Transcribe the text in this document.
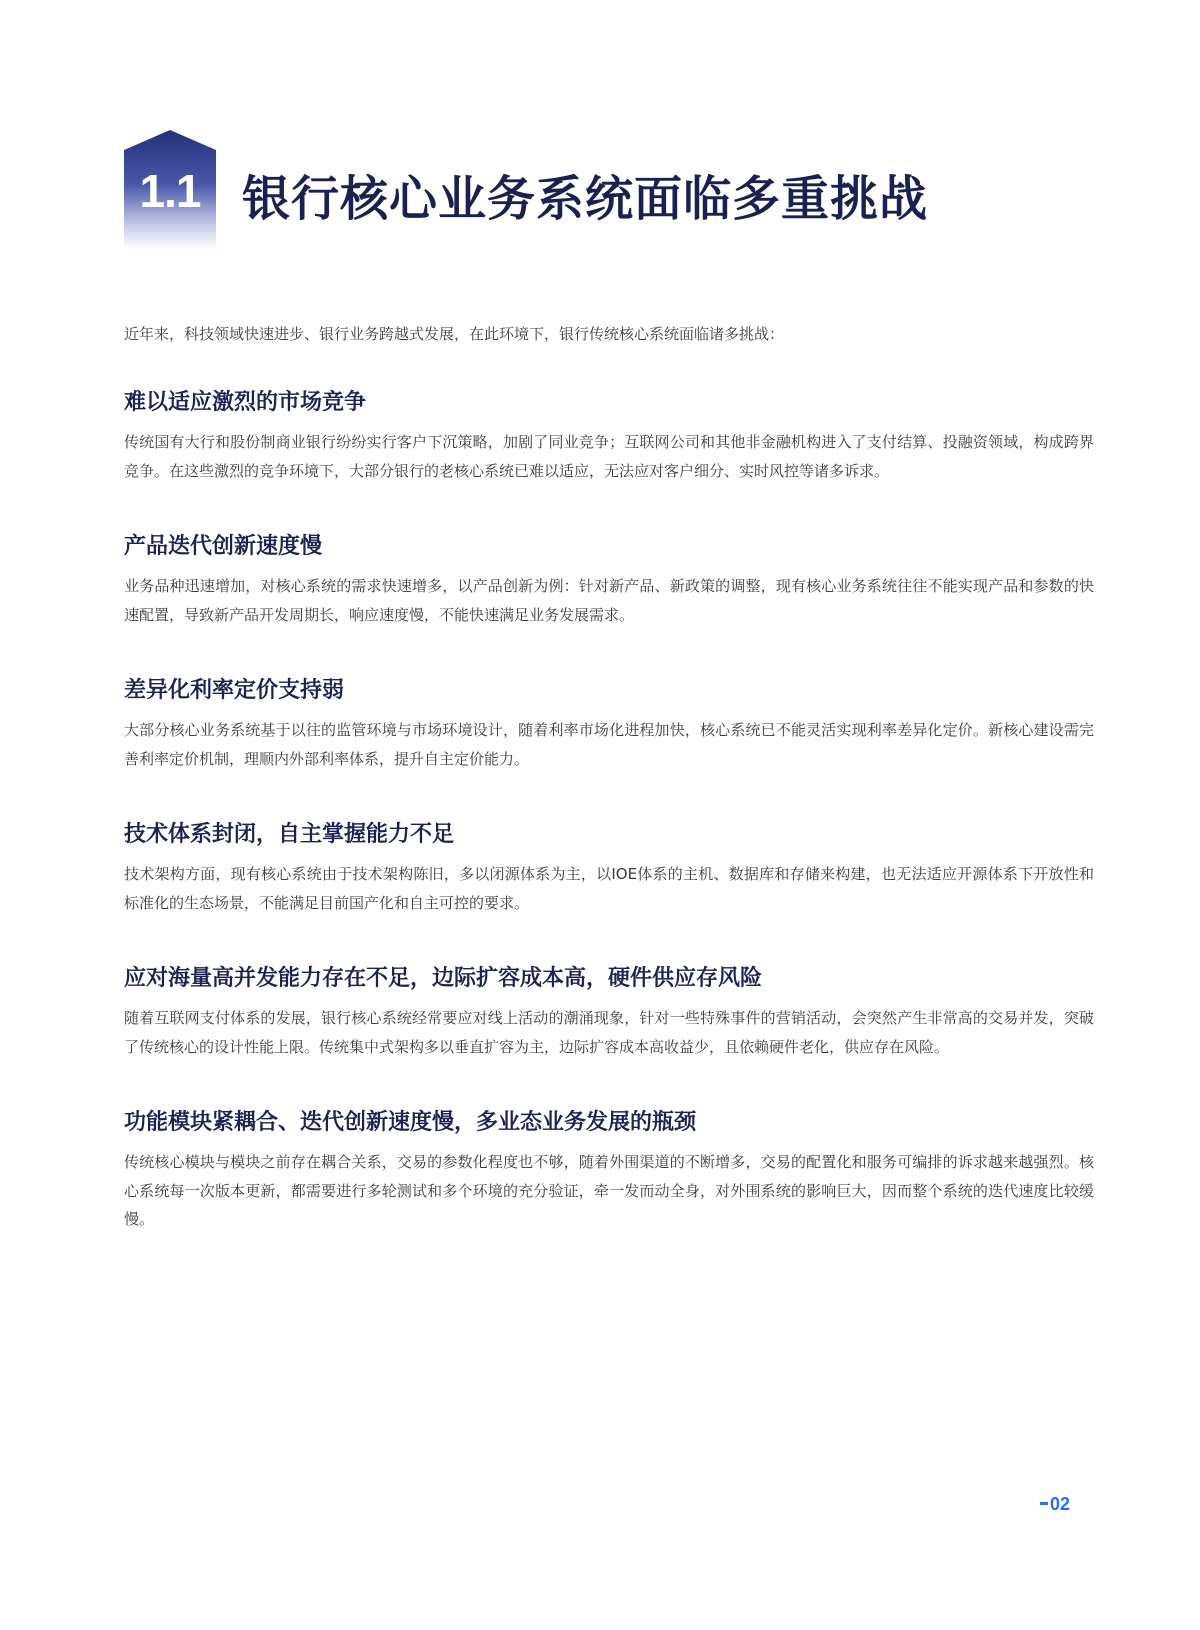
1.1 银行核心业务系统面临多重挑战

近年来，科技领域快速进步、银行业务跨越式发展，在此环境下，银行传统核心系统面临诸多挑战：

难以适应激烈的市场竞争

传统国有大行和股份制商业银行纷纷实行客户下沉策略，加剧了同业竞争；互联网公司和其他非金融机构进入了支付结算、投融资领域，构成跨界竞争。在这些激烈的竞争环境下，大部分银行的老核心系统已难以适应，无法应对客户细分、实时风控等诸多诉求。

产品迭代创新速度慢

业务品种迅速增加，对核心系统的需求快速增多，以产品创新为例：针对新产品、新政策的调整，现有核心业务系统往往不能实现产品和参数的快速配置，导致新产品开发周期长，响应速度慢，不能快速满足业务发展需求。

差异化利率定价支持弱

大部分核心业务系统基于以往的监管环境与市场环境设计，随着利率市场化进程加快，核心系统已不能灵活实现利率差异化定价。新核心建设需完善利率定价机制，理顺内外部利率体系，提升自主定价能力。

技术体系封闭，自主掌握能力不足

技术架构方面，现有核心系统由于技术架构陈旧，多以闭源体系为主，以IOE体系的主机、数据库和存储来构建，也无法适应开源体系下开放性和标准化的生态场景，不能满足目前国产化和自主可控的要求。

应对海量高并发能力存在不足，边际扩容成本高，硬件供应存风险

随着互联网支付体系的发展，银行核心系统经常要应对线上活动的潮涌现象，针对一些特殊事件的营销活动，会突然产生非常高的交易并发，突破了传统核心的设计性能上限。传统集中式架构多以垂直扩容为主，边际扩容成本高收益少，且依赖硬件老化，供应存在风险。

功能模块紧耦合、迭代创新速度慢，多业态业务发展的瓶颈

传统核心模块与模块之前存在耦合关系，交易的参数化程度也不够，随着外围渠道的不断增多，交易的配置化和服务可编排的诉求越来越强烈。核心系统每一次版本更新，都需要进行多轮测试和多个环境的充分验证，牵一发而动全身，对外围系统的影响巨大，因而整个系统的迭代速度比较缓慢。

02
